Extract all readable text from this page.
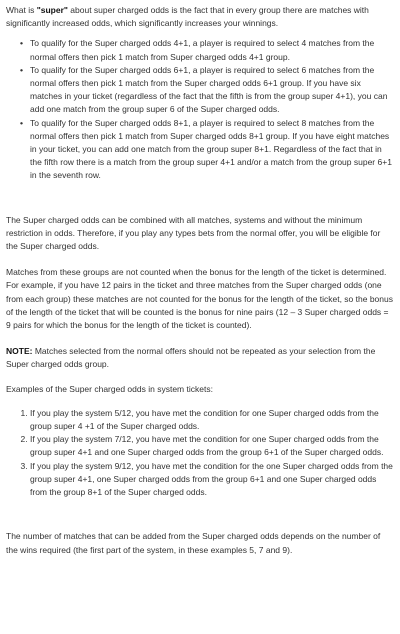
What is "super" about super charged odds is the fact that in every group there are matches with significantly increased odds, which significantly increases your winnings.

• To qualify for the Super charged odds 4+1, a player is required to select 4 matches from the normal offers then pick 1 match from Super charged odds 4+1 group.
• To qualify for the Super charged odds 6+1, a player is required to select 6 matches from the normal offers then pick 1 match from the Super charged odds 6+1 group. If you have six matches in your ticket (regardless of the fact that the fifth is from the group super 4+1), you can add one match from the group super 6 of the Super charged odds.
• To qualify for the Super charged odds 8+1, a player is required to select 8 matches from the normal offers then pick 1 match from Super charged odds 8+1 group. If you have eight matches in your ticket, you can add one match from the group super 8+1. Regardless of the fact that in the fifth row there is a match from the group super 4+1 and/or a match from the group super 6+1 in the seventh row.

The Super charged odds can be combined with all matches, systems and without the minimum restriction in odds. Therefore, if you play any types bets from the normal offer, you will be eligible for the Super charged odds.

Matches from these groups are not counted when the bonus for the length of the ticket is determined. For example, if you have 12 pairs in the ticket and three matches from the Super charged odds (one from each group) these matches are not counted for the bonus for the length of the ticket, so the bonus of the length of the ticket that will be counted is the bonus for nine pairs (12 – 3 Super charged odds = 9 pairs for which the bonus for the length of the ticket is counted).

NOTE: Matches selected from the normal offers should not be repeated as your selection from the Super charged odds group.

Examples of the Super charged odds in system tickets:

1. If you play the system 5/12, you have met the condition for one Super charged odds from the group super 4 +1 of the Super charged odds.
2. If you play the system 7/12, you have met the condition for one Super charged odds from the group super 4+1 and one Super charged odds from the group 6+1 of the Super charged odds.
3. If you play the system 9/12, you have met the condition for the one Super charged odds from the group super 4+1, one Super charged odds from the group 6+1 and one Super charged odds from the group 8+1 of the Super charged odds.

The number of matches that can be added from the Super charged odds depends on the number of the wins required (the first part of the system, in these examples 5, 7 and 9).
